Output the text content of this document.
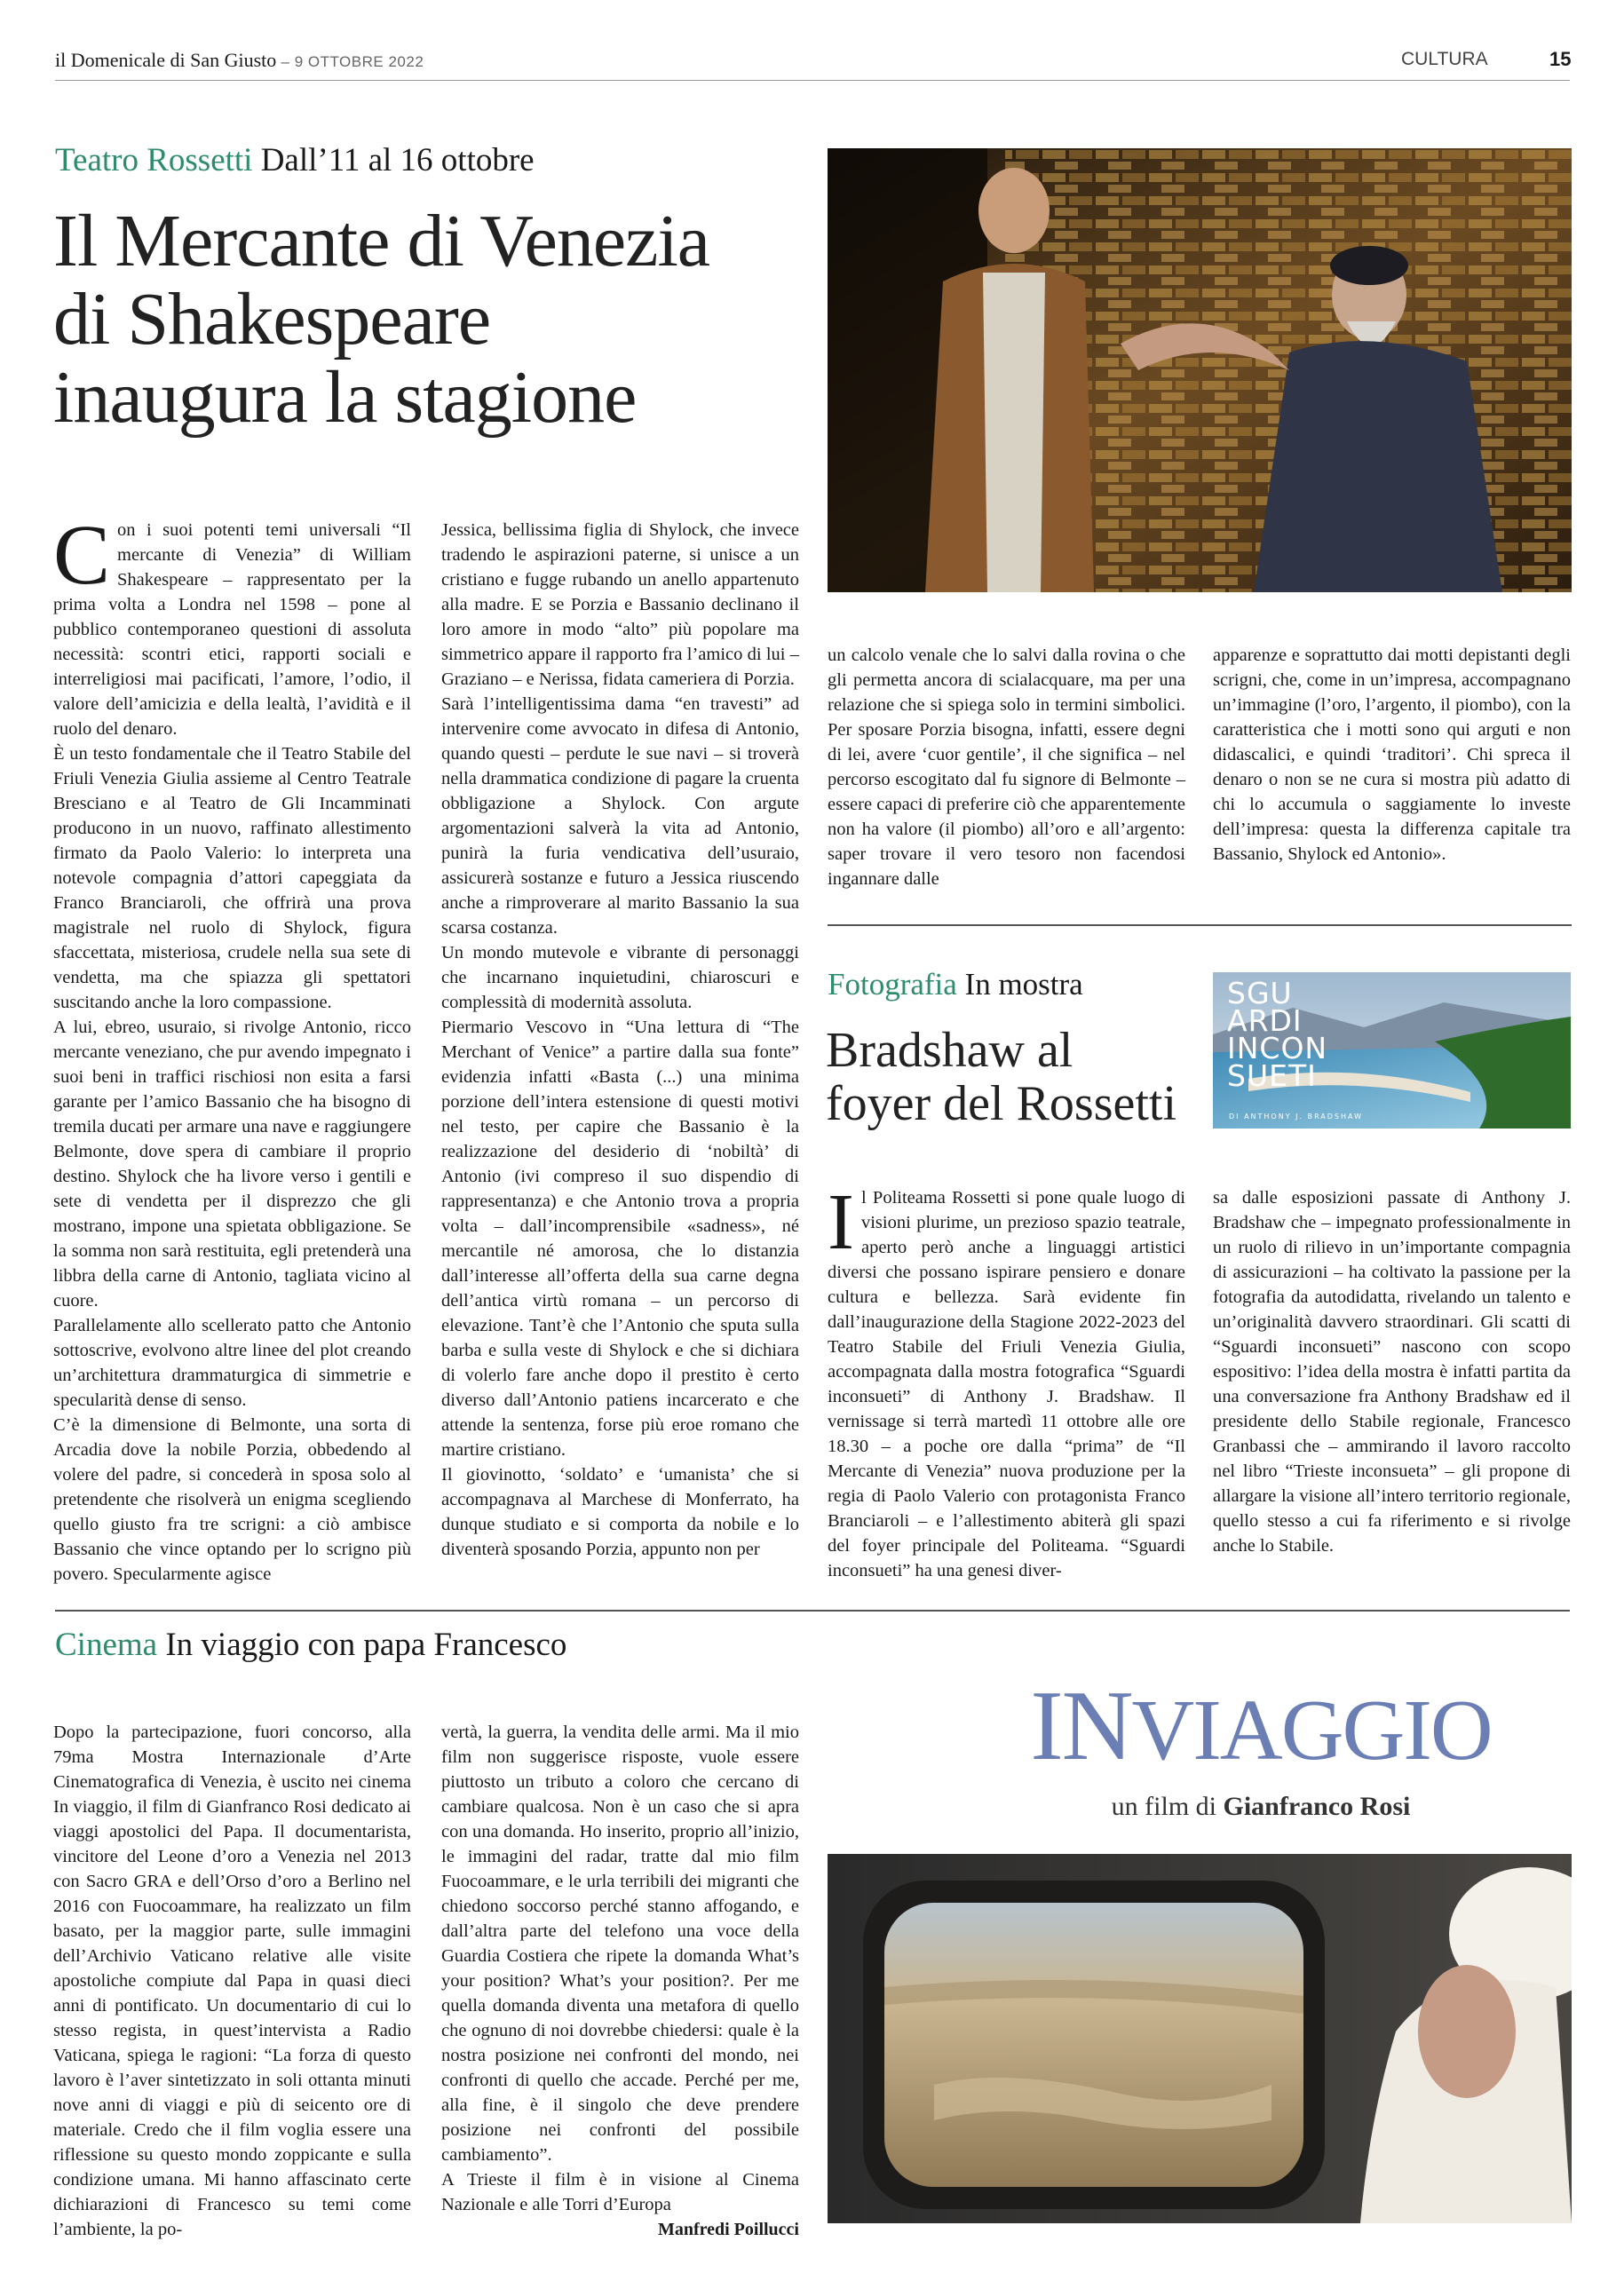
il Domenicale di San Giusto – 9 OTTOBRE 2022	CULTURA	15
Teatro Rossetti Dall’11 al 16 ottobre
Il Mercante di Venezia
di Shakespeare
inaugura la stagione

Con i suoi potenti temi universali “Il mercante di Venezia” di William Shakespeare – rappresentato per la prima volta a Londra nel 1598 – pone al pubblico contemporaneo questioni di assoluta necessità: scontri etici, rapporti sociali e interreligiosi mai pacificati, l’amore, l’odio, il valore dell’amicizia e della lealtà, l’avidità e il ruolo del denaro.

È un testo fondamentale che il Teatro Stabile del Friuli Venezia Giulia assieme al Centro Teatrale Bresciano e al Teatro de Gli Incamminati producono in un nuovo, raffinato allestimento firmato da Paolo Valerio: lo interpreta una notevole compagnia d’attori capeggiata da Franco Branciaroli, che offrirà una prova magistrale nel ruolo di Shylock, figura sfaccettata, misteriosa, crudele nella sua sete di vendetta, ma che spiazza gli spettatori suscitando anche la loro compassione.

A lui, ebreo, usuraio, si rivolge Antonio, ricco mercante veneziano, che pur avendo impegnato i suoi beni in traffici rischiosi non esita a farsi garante per l’amico Bassanio che ha bisogno di tremila ducati per armare una nave e raggiungere Belmonte, dove spera di cambiare il proprio destino. Shylock che ha livore verso i gentili e sete di vendetta per il disprezzo che gli mostrano, impone una spietata obbligazione. Se la somma non sarà restituita, egli pretenderà una libbra della carne di Antonio, tagliata vicino al cuore.

Parallelamente allo scellerato patto che Antonio sottoscrive, evolvono altre linee del plot creando un’architettura drammaturgica di simmetrie e specularità dense di senso.

C’è la dimensione di Belmonte, una sorta di Arcadia dove la nobile Porzia, obbedendo al volere del padre, si concederà in sposa solo al pretendente che risolverà un enigma scegliendo quello giusto fra tre scrigni: a ciò ambisce Bassanio che vince optando per lo scrigno più povero. Specularmente agisce

Jessica, bellissima figlia di Shylock, che invece tradendo le aspirazioni paterne, si unisce a un cristiano e fugge rubando un anello appartenuto alla madre. E se Porzia e Bassanio declinano il loro amore in modo “alto” più popolare ma simmetrico appare il rapporto fra l’amico di lui – Graziano – e Nerissa, fidata cameriera di Porzia.

Sarà l’intelligentissima dama “en travesti” ad intervenire come avvocato in difesa di Antonio, quando questi – perdute le sue navi – si troverà nella drammatica condizione di pagare la cruenta obbligazione a Shylock. Con argute argomentazioni salverà la vita ad Antonio, punirà la furia vendicativa dell’usuraio, assicurerà sostanze e futuro a Jessica riuscendo anche a rimproverare al marito Bassanio la sua scarsa costanza.

Un mondo mutevole e vibrante di personaggi che incarnano inquietudini, chiaroscuri e complessità di modernità assoluta.

Piermario Vescovo in “Una lettura di “The Merchant of Venice” a partire dalla sua fonte” evidenzia infatti «Basta (...) una minima porzione dell’intera estensione di questi motivi nel testo, per capire che Bassanio è la realizzazione del desiderio di ‘nobiltà’ di Antonio (ivi compreso il suo dispendio di rappresentanza) e che Antonio trova a propria volta – dall’incomprensibile «sadness», né mercantile né amorosa, che lo distanzia dall’interesse all’offerta della sua carne degna dell’antica virtù romana – un percorso di elevazione. Tant’è che l’Antonio che sputa sulla barba e sulla veste di Shylock e che si dichiara di volerlo fare anche dopo il prestito è certo diverso dall’Antonio patiens incarcerato e che attende la sentenza, forse più eroe romano che martire cristiano.

Il giovinotto, ‘soldato’ e ‘umanista’ che si accompagnava al Marchese di Monferrato, ha dunque studiato e si comporta da nobile e lo diventerà sposando Porzia, appunto non per

un calcolo venale che lo salvi dalla rovina o che gli permetta ancora di scialacquare, ma per una relazione che si spiega solo in termini simbolici. Per sposare Porzia bisogna, infatti, essere degni di lei, avere ‘cuor gentile’, il che significa – nel percorso escogitato dal fu signore di Belmonte – essere capaci di preferire ciò che apparentemente non ha valore (il piombo) all’oro e all’argento: saper trovare il vero tesoro non facendosi ingannare dalle

apparenze e soprattutto dai motti depistanti degli scrigni, che, come in un’impresa, accompagnano un’immagine (l’oro, l’argento, il piombo), con la caratteristica che i motti sono qui arguti e non didascalici, e quindi ‘traditori’. Chi spreca il denaro o non se ne cura si mostra più adatto di chi lo accumula o saggiamente lo investe dell’impresa: questa la differenza capitale tra Bassanio, Shylock ed Antonio».

Fotografia In mostra
Bradshaw al
foyer del Rossetti
SGU
ARDI
INCON
SUETI
DI ANTHONY J. BRADSHAW

Il Politeama Rossetti si pone quale luogo di visioni plurime, un prezioso spazio teatrale, aperto però anche a linguaggi artistici diversi che possano ispirare pensiero e donare cultura e bellezza. Sarà evidente fin dall’inaugurazione della Stagione 2022-2023 del Teatro Stabile del Friuli Venezia Giulia, accompagnata dalla mostra fotografica “Sguardi inconsueti” di Anthony J. Bradshaw. Il vernissage si terrà martedì 11 ottobre alle ore 18.30 – a poche ore dalla “prima” de “Il Mercante di Venezia” nuova produzione per la regia di Paolo Valerio con protagonista Franco Branciaroli – e l’allestimento abiterà gli spazi del foyer principale del Politeama. “Sguardi inconsueti” ha una genesi diver-

sa dalle esposizioni passate di Anthony J. Bradshaw che – impegnato professionalmente in un ruolo di rilievo in un’importante compagnia di assicurazioni – ha coltivato la passione per la fotografia da autodidatta, rivelando un talento e un’originalità davvero straordinari. Gli scatti di “Sguardi inconsueti” nascono con scopo espositivo: l’idea della mostra è infatti partita da una conversazione fra Anthony Bradshaw ed il presidente dello Stabile regionale, Francesco Granbassi che – ammirando il lavoro raccolto nel libro “Trieste inconsueta” – gli propone di allargare la visione all’intero territorio regionale, quello stesso a cui fa riferimento e si rivolge anche lo Stabile.

Cinema In viaggio con papa Francesco

Dopo la partecipazione, fuori concorso, alla 79ma Mostra Internazionale d’Arte Cinematografica di Venezia, è uscito nei cinema In viaggio, il film di Gianfranco Rosi dedicato ai viaggi apostolici del Papa. Il documentarista, vincitore del Leone d’oro a Venezia nel 2013 con Sacro GRA e dell’Orso d’oro a Berlino nel 2016 con Fuocoammare, ha realizzato un film basato, per la maggior parte, sulle immagini dell’Archivio Vaticano relative alle visite apostoliche compiute dal Papa in quasi dieci anni di pontificato. Un documentario di cui lo stesso regista, in quest’intervista a Radio Vaticana, spiega le ragioni: “La forza di questo lavoro è l’aver sintetizzato in soli ottanta minuti nove anni di viaggi e più di seicento ore di materiale. Credo che il film voglia essere una riflessione su questo mondo zoppicante e sulla condizione umana. Mi hanno affascinato certe dichiarazioni di Francesco su temi come l’ambiente, la po-

vertà, la guerra, la vendita delle armi. Ma il mio film non suggerisce risposte, vuole essere piuttosto un tributo a coloro che cercano di cambiare qualcosa. Non è un caso che si apra con una domanda. Ho inserito, proprio all’inizio, le immagini del radar, tratte dal mio film Fuocoammare, e le urla terribili dei migranti che chiedono soccorso perché stanno affogando, e dall’altra parte del telefono una voce della Guardia Costiera che ripete la domanda What’s your position? What’s your position?. Per me quella domanda diventa una metafora di quello che ognuno di noi dovrebbe chiedersi: quale è la nostra posizione nei confronti del mondo, nei confronti di quello che accade. Perché per me, alla fine, è il singolo che deve prendere posizione nei confronti del possibile cambiamento”.

A Trieste il film è in visione al Cinema Nazionale e alle Torri d’Europa

Manfredi Poillucci

INVIAGGIO
un film di Gianfranco Rosi
